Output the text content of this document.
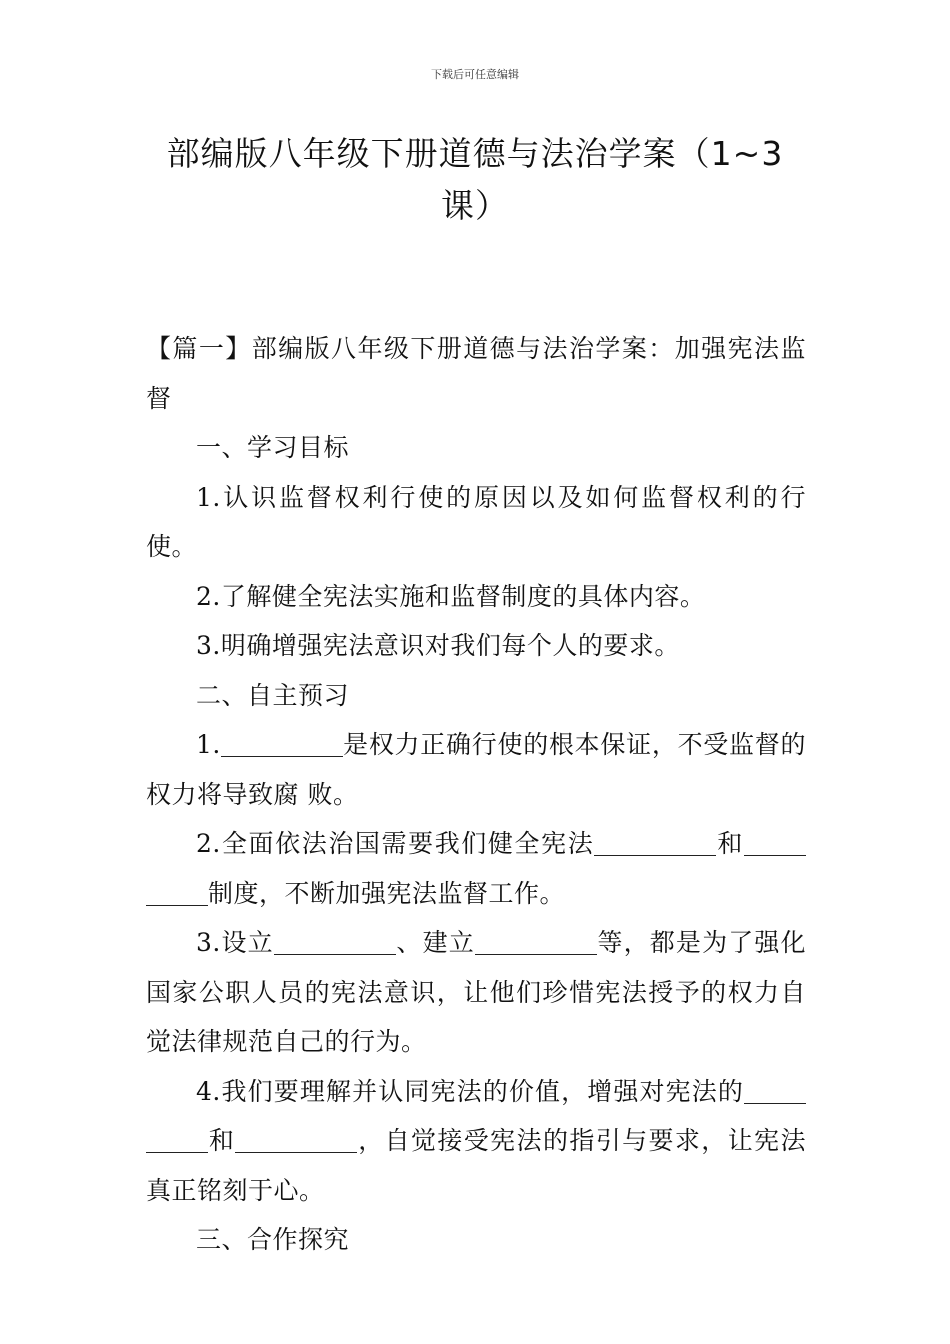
下载后可任意编辑
部编版八年级下册道德与法治学案（1~3
课）

【篇一】部编版八年级下册道德与法治学案：加强宪法监督

一、学习目标

1.认识监督权利行使的原因以及如何监督权利的行使。

2.了解健全宪法实施和监督制度的具体内容。

3.明确增强宪法意识对我们每个人的要求。

二、自主预习

1.	是权力正确行使的根本保证，不受监督的权力将导致腐 败。

2.全面依法治国需要我们健全宪法	和 制度，不断加强宪法监督工作。

3.设立	、建立	等，都是为了强化国家公职人员的宪法意识，让他们珍惜宪法授予的权力自觉法律规范自己的行为。

4.我们要理解并认同宪法的价值，增强对宪法的 和	，自觉接受宪法的指引与要求，让宪法真正铭刻于心。

三、合作探究
